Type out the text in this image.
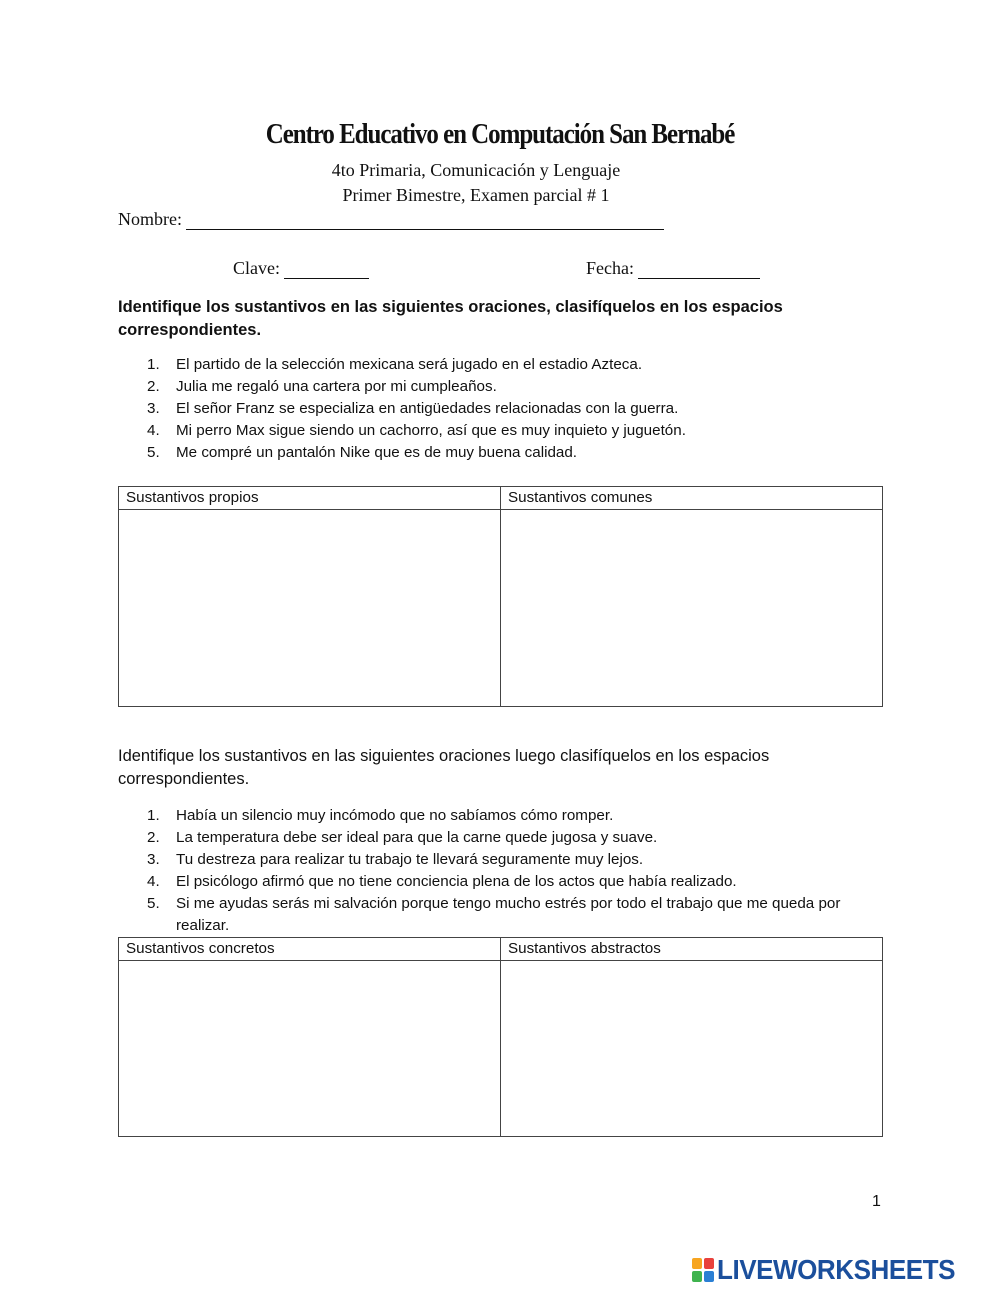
Centro Educativo en Computación San Bernabé
4to Primaria, Comunicación y Lenguaje
Primer Bimestre, Examen parcial # 1
Nombre:
Clave:	Fecha:
Identifique los sustantivos en las siguientes oraciones, clasifíquelos en los espacios correspondientes.
1. El partido de la selección mexicana será jugado en el estadio Azteca.
2. Julia me regaló una cartera por mi cumpleaños.
3. El señor Franz se especializa en antigüedades relacionadas con la guerra.
4. Mi perro Max sigue siendo un cachorro, así que es muy inquieto y juguetón.
5. Me compré un pantalón Nike que es de muy buena calidad.
Sustantivos propios	Sustantivos comunes

Identifique los sustantivos en las siguientes oraciones luego clasifíquelos en los espacios correspondientes.
1. Había un silencio muy incómodo que no sabíamos cómo romper.
2. La temperatura debe ser ideal para que la carne quede jugosa y suave.
3. Tu destreza para realizar tu trabajo te llevará seguramente muy lejos.
4. El psicólogo afirmó que no tiene conciencia plena de los actos que había realizado.
5. Si me ayudas serás mi salvación porque tengo mucho estrés por todo el trabajo que me queda por realizar.
Sustantivos concretos	Sustantivos abstractos

1
LIVEWORKSHEETS
